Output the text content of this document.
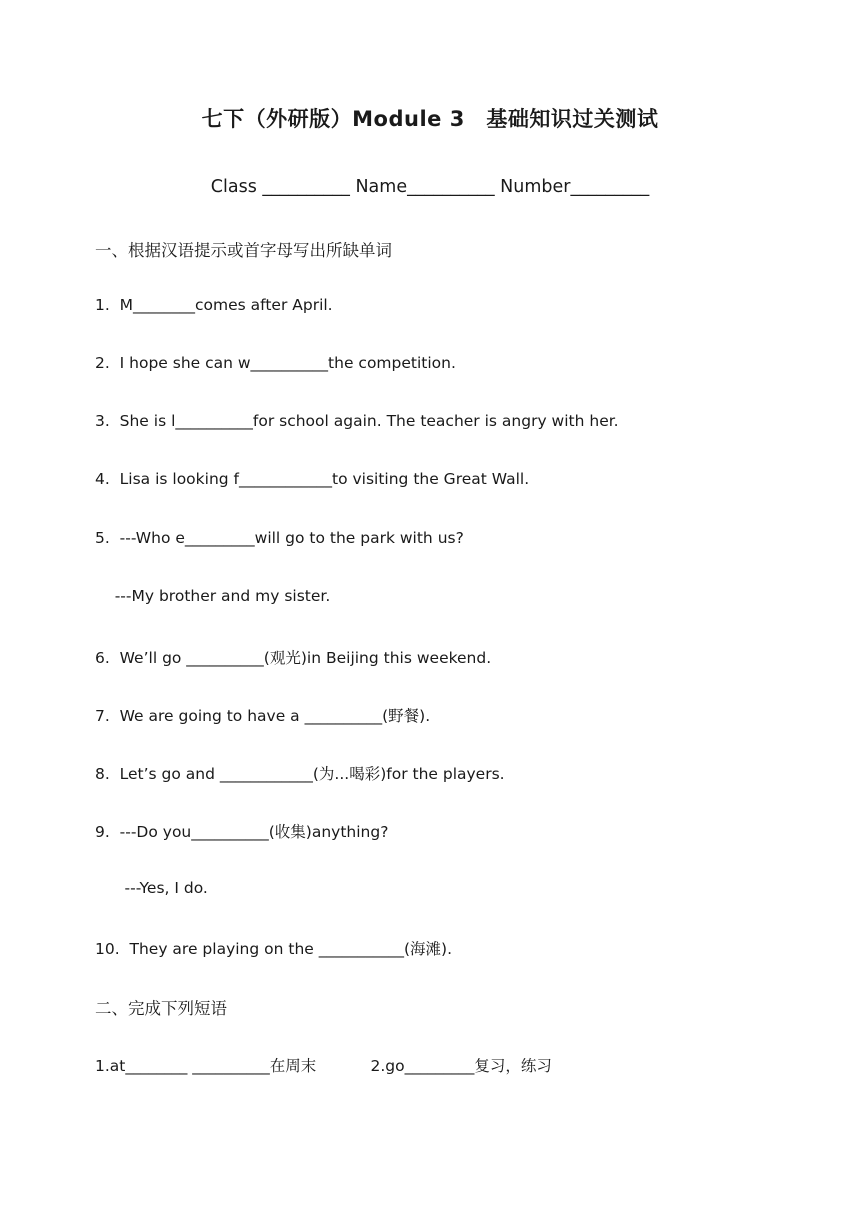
七下（外研版）Module 3　基础知识过关测试
Class __________ Name__________ Number_________
一、根据汉语提示或首字母写出所缺单词
1.  M________comes after April.
2.  I hope she can w__________the competition.
3.  She is l__________for school again. The teacher is angry with her.
4.  Lisa is looking f____________to visiting the Great Wall.
5.  ---Who e_________will go to the park with us?
---My brother and my sister.
6.  We’ll go __________(观光)in Beijing this weekend.
7.  We are going to have a __________(野餐).
8.  Let’s go and ____________(为...喝彩)for the players.
9.  ---Do you__________(收集)anything?
---Yes, I do.
10.  They are playing on the ___________(海滩).
二、完成下列短语
1.at________ __________在周末           2.go_________复习，练习
